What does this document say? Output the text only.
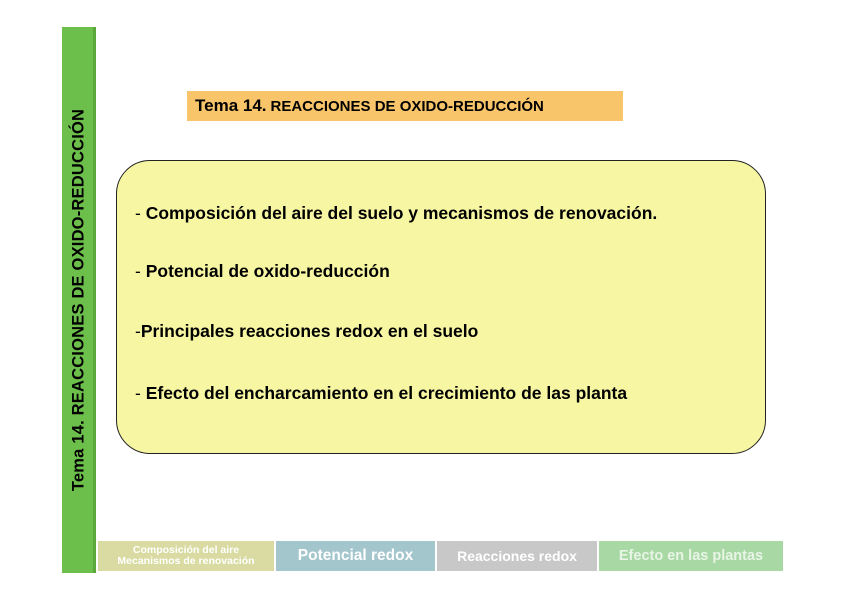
Tema 14. REACCIONES DE OXIDO-REDUCCIÓN
Tema 14. REACCIONES DE OXIDO-REDUCCIÓN
- Composición del aire del suelo y mecanismos de renovación.
- Potencial de oxido-reducción
-Principales reacciones redox en el suelo
- Efecto del encharcamiento en el crecimiento de las planta
Composición del aire
Mecanismos de renovación	Potencial redox	Reacciones redox	Efecto en las plantas
